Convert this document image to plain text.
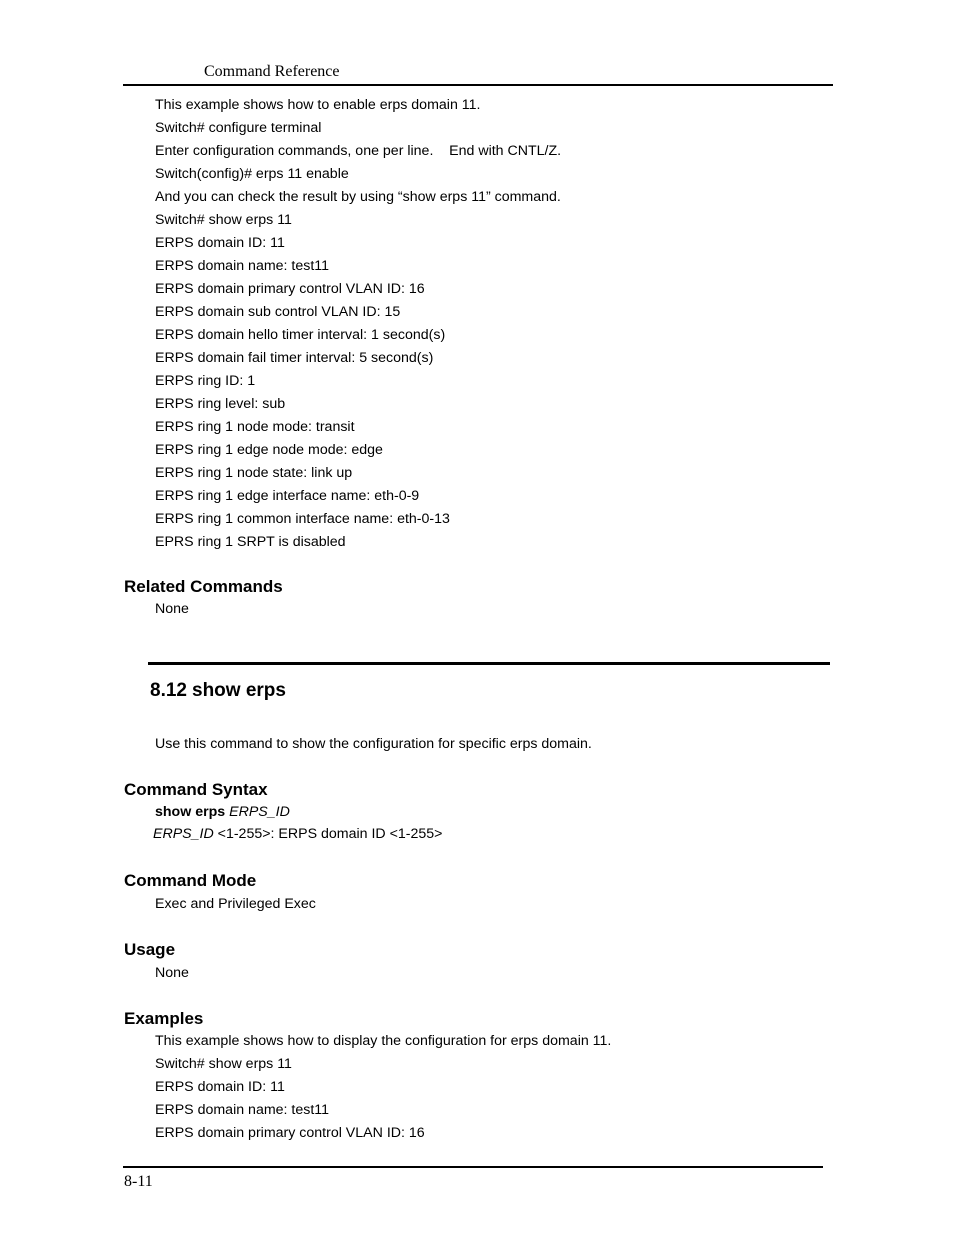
Command Reference
This example shows how to enable erps domain 11.
Switch# configure terminal
Enter configuration commands, one per line.    End with CNTL/Z.
Switch(config)# erps 11 enable
And you can check the result by using “show erps 11” command.
Switch# show erps 11
ERPS domain ID: 11
ERPS domain name: test11
ERPS domain primary control VLAN ID: 16
ERPS domain sub control VLAN ID: 15
ERPS domain hello timer interval: 1 second(s)
ERPS domain fail timer interval: 5 second(s)
ERPS ring ID: 1
ERPS ring level: sub
ERPS ring 1 node mode: transit
ERPS ring 1 edge node mode: edge
ERPS ring 1 node state: link up
ERPS ring 1 edge interface name: eth-0-9
ERPS ring 1 common interface name: eth-0-13
EPRS ring 1 SRPT is disabled
Related Commands
None
8.12 show erps
Use this command to show the configuration for specific erps domain.
Command Syntax
show erps ERPS_ID
ERPS_ID <1-255>: ERPS domain ID <1-255>
Command Mode
Exec and Privileged Exec
Usage
None
Examples
This example shows how to display the configuration for erps domain 11.
Switch# show erps 11
ERPS domain ID: 11
ERPS domain name: test11
ERPS domain primary control VLAN ID: 16
8-11
